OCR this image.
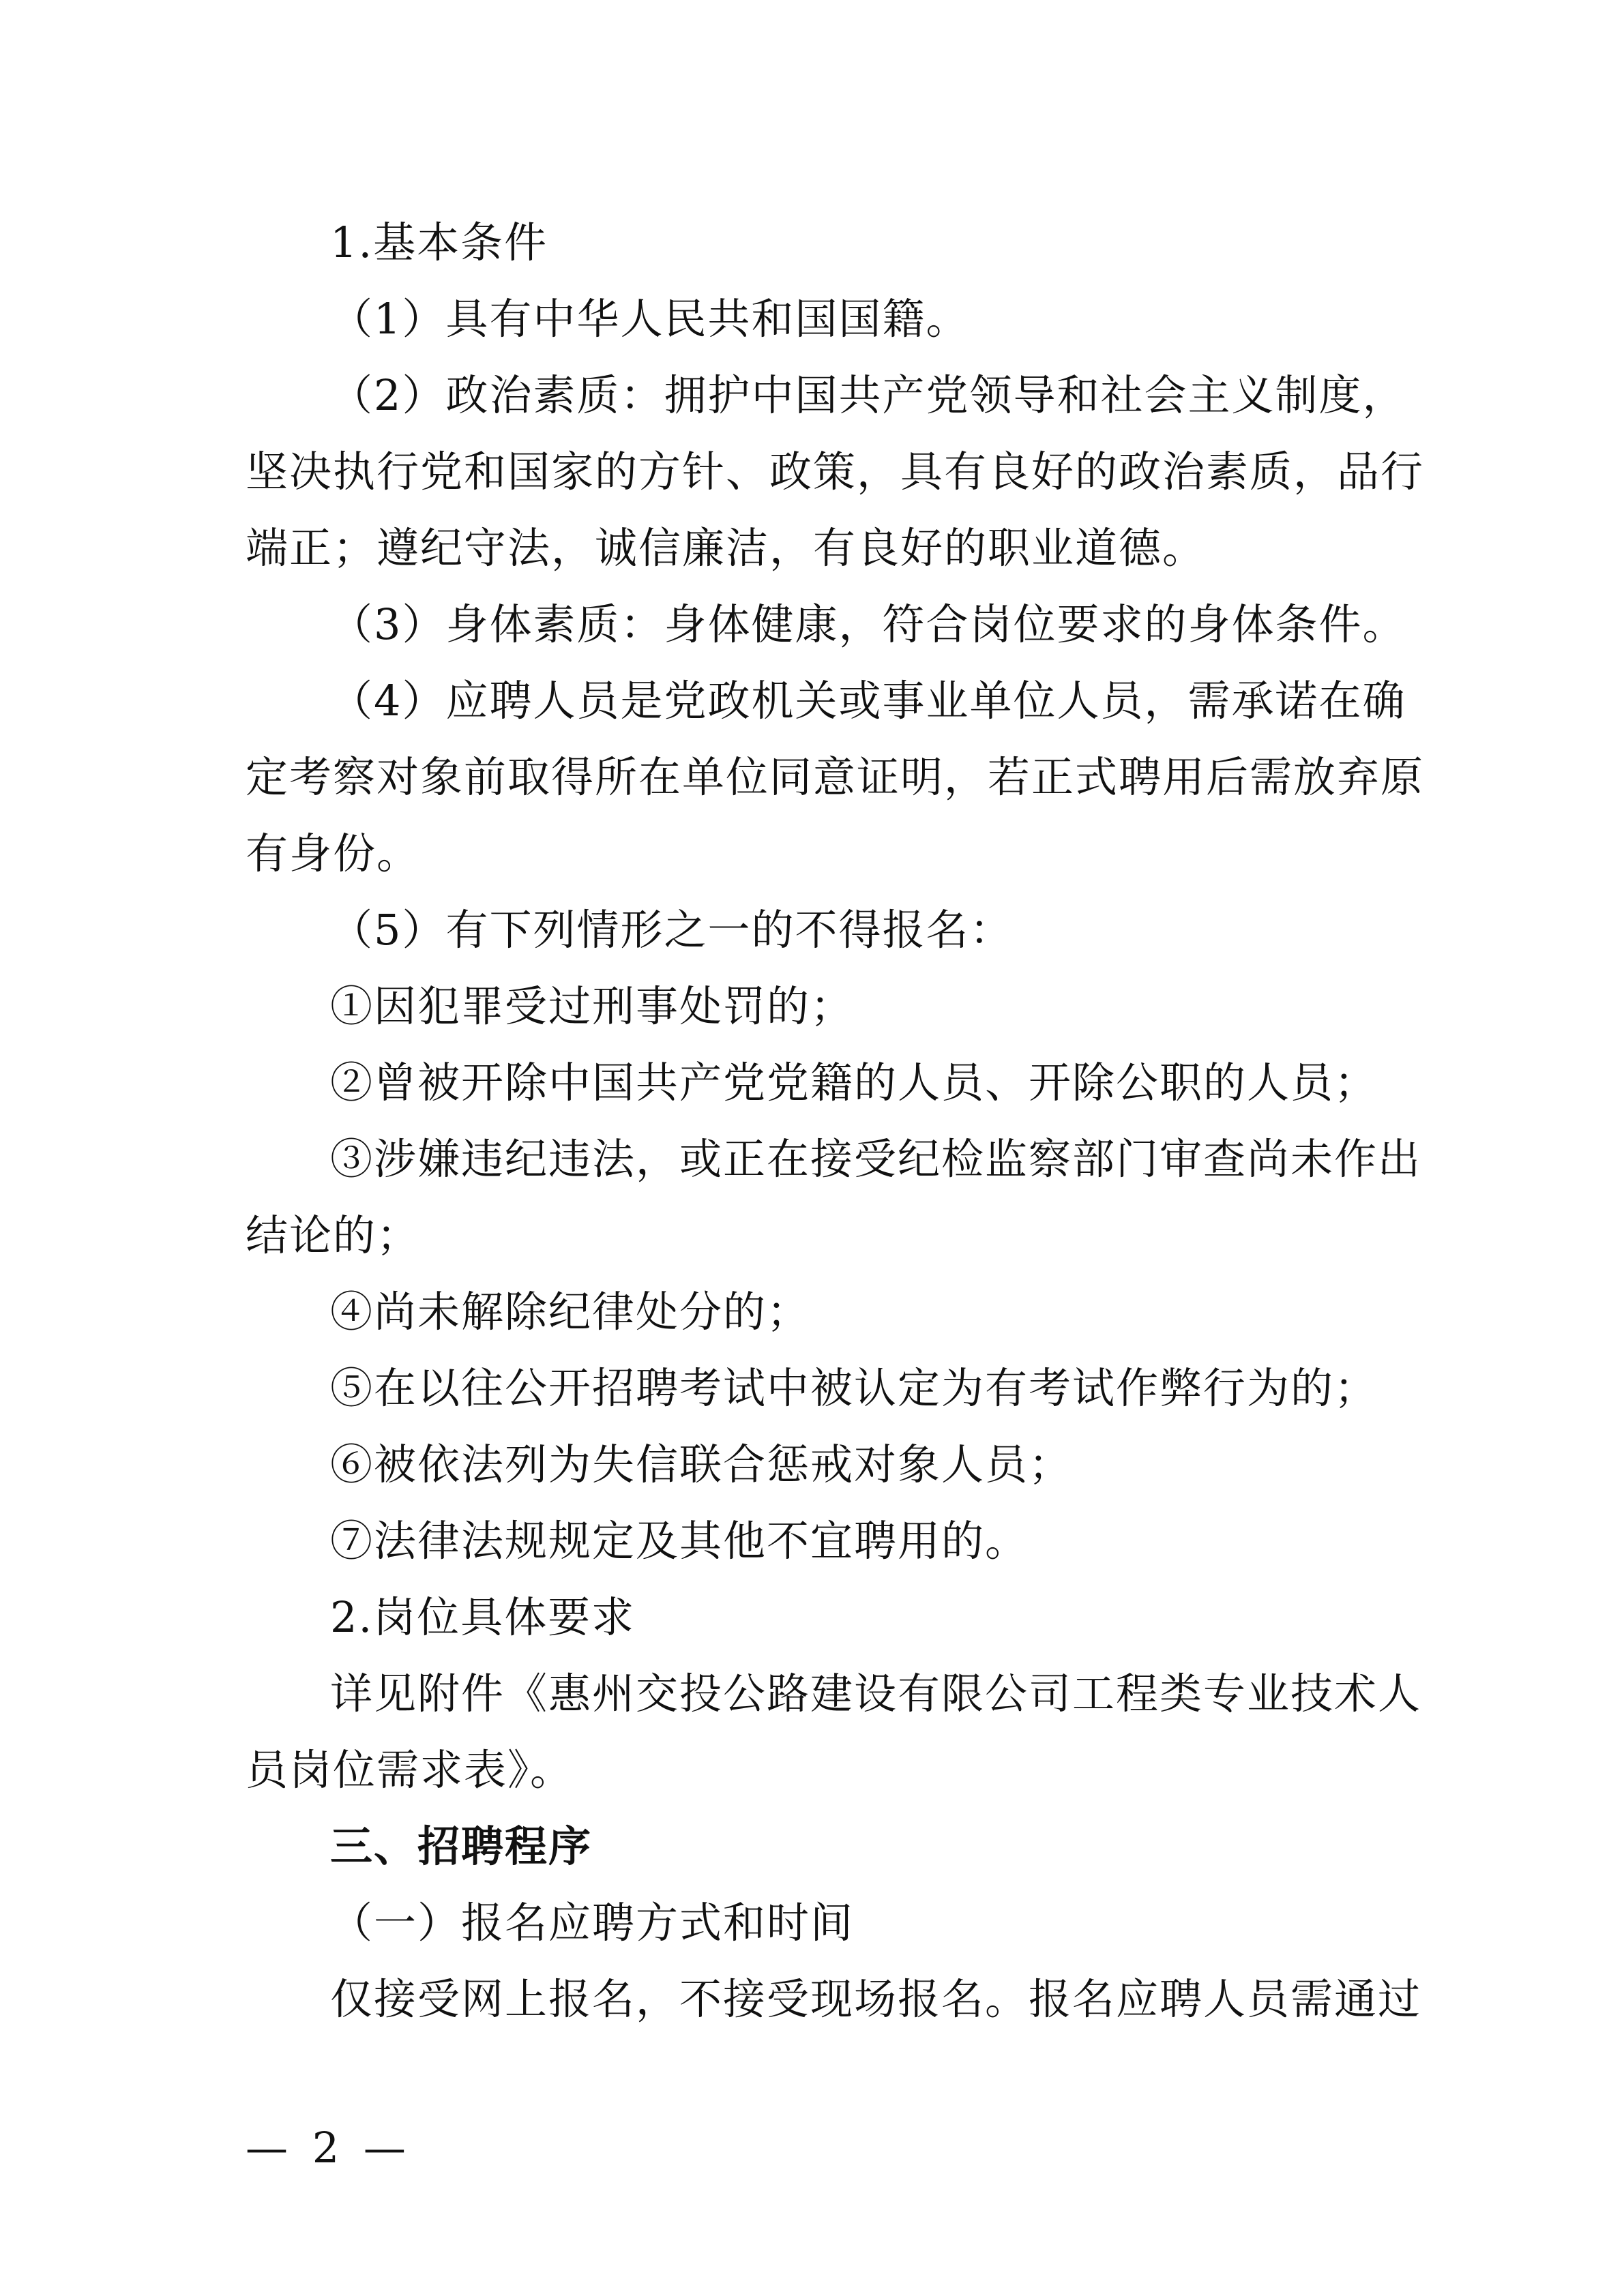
1.基本条件

（1）具有中华人民共和国国籍。

（2）政治素质：拥护中国共产党领导和社会主义制度，坚决执行党和国家的方针、政策，具有良好的政治素质，品行端正；遵纪守法，诚信廉洁，有良好的职业道德。

（3）身体素质：身体健康，符合岗位要求的身体条件。

（4）应聘人员是党政机关或事业单位人员，需承诺在确定考察对象前取得所在单位同意证明，若正式聘用后需放弃原有身份。

（5）有下列情形之一的不得报名：

①因犯罪受过刑事处罚的；

②曾被开除中国共产党党籍的人员、开除公职的人员；

③涉嫌违纪违法，或正在接受纪检监察部门审查尚未作出结论的；

④尚未解除纪律处分的；

⑤在以往公开招聘考试中被认定为有考试作弊行为的；

⑥被依法列为失信联合惩戒对象人员；

⑦法律法规规定及其他不宜聘用的。

2.岗位具体要求

详见附件《惠州交投公路建设有限公司工程类专业技术人员岗位需求表》。

三、招聘程序

（一）报名应聘方式和时间

仅接受网上报名，不接受现场报名。报名应聘人员需通过

— 2 —
